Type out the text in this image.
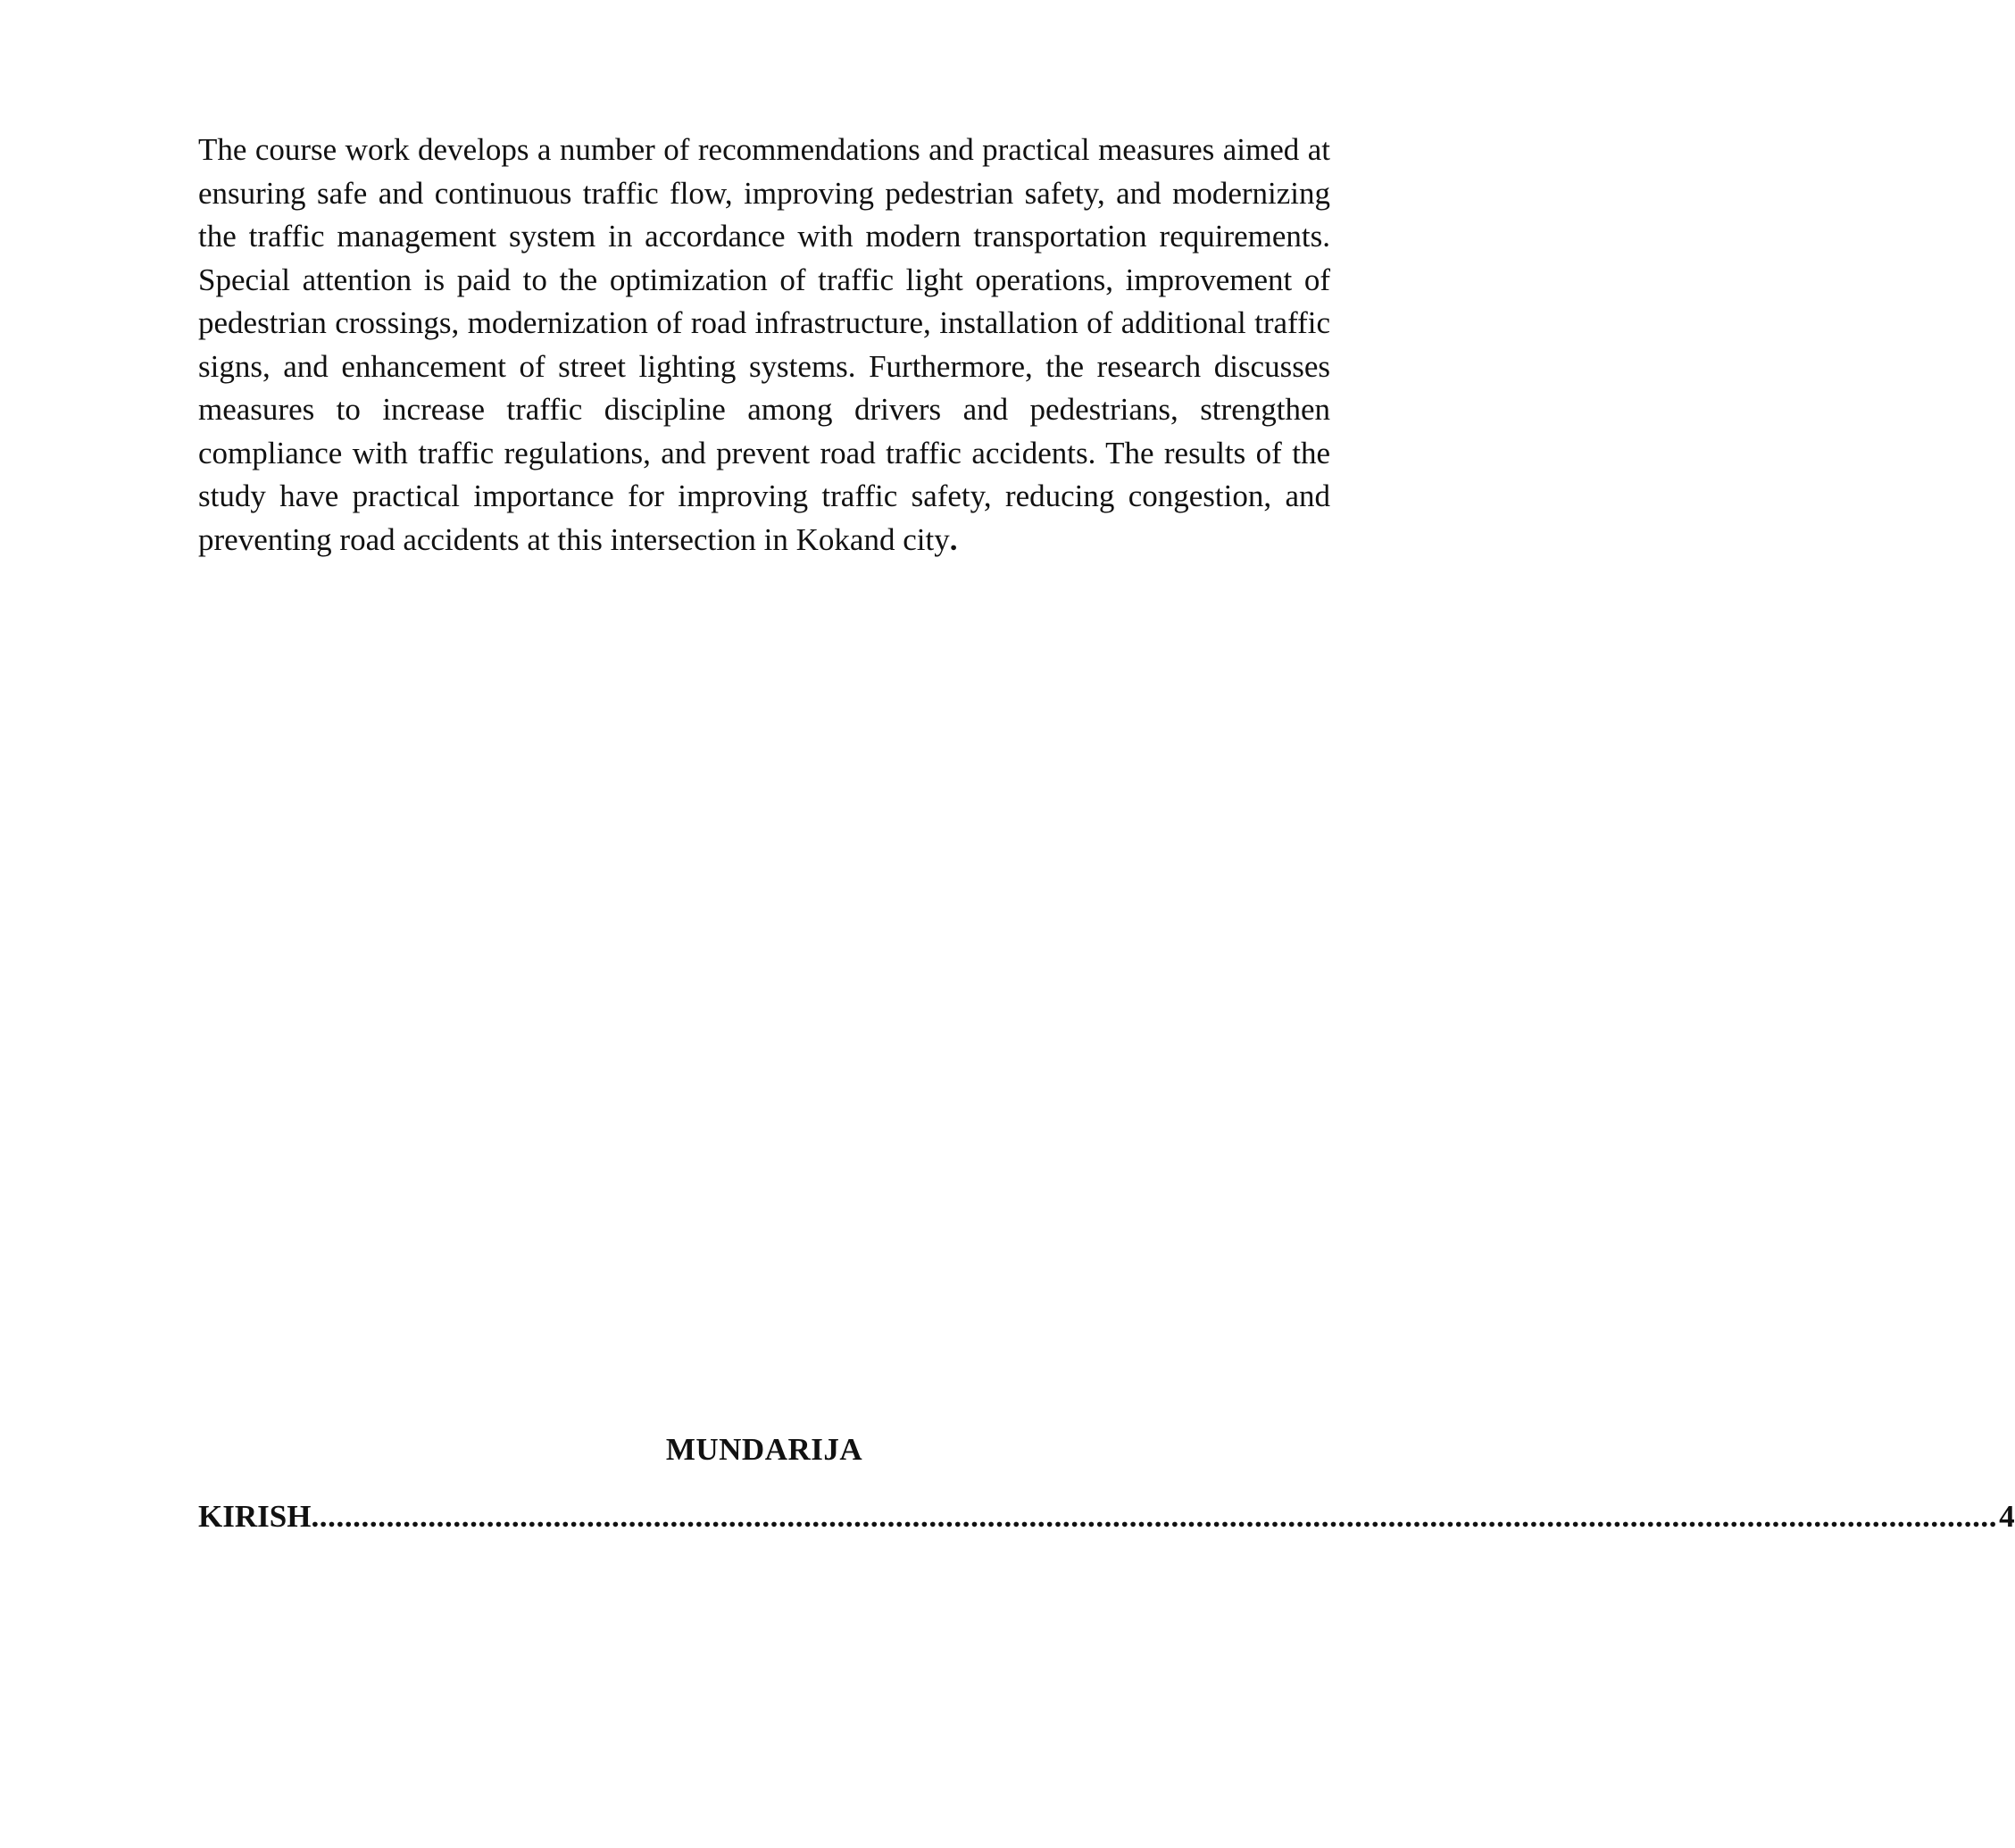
The course work develops a number of recommendations and practical measures aimed at ensuring safe and continuous traffic flow, improving pedestrian safety, and modernizing the traffic management system in accordance with modern transportation requirements. Special attention is paid to the optimization of traffic light operations, improvement of pedestrian crossings, modernization of road infrastructure, installation of additional traffic signs, and enhancement of street lighting systems. Furthermore, the research discusses measures to increase traffic discipline among drivers and pedestrians, strengthen compliance with traffic regulations, and prevent road traffic accidents. The results of the study have practical importance for improving traffic safety, reducing congestion, and preventing road accidents at this intersection in Kokand city.

MUNDARIJA
KIRISH .......................................................................................................................................................................................................... 4
